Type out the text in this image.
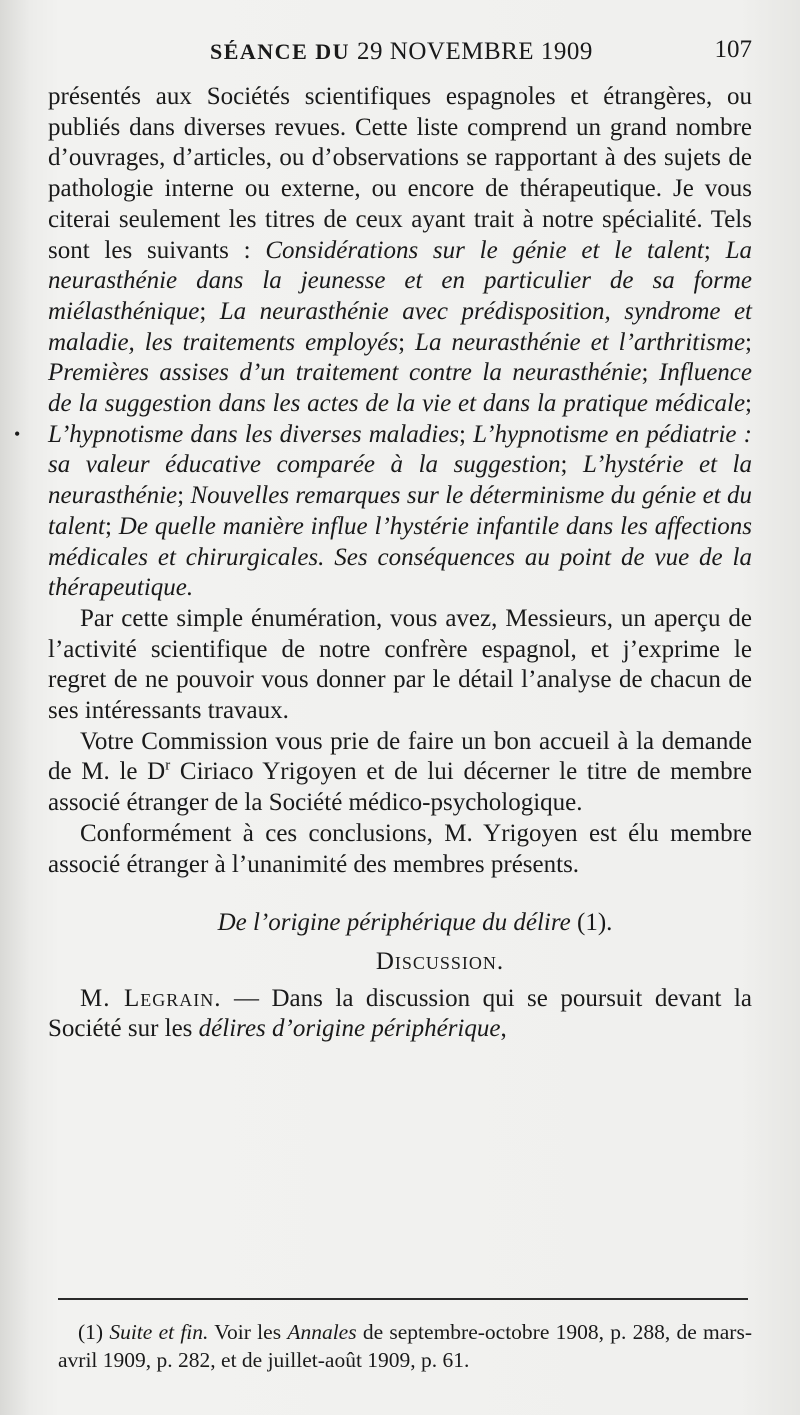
SÉANCE DU 29 NOVEMBRE 1909	107
•

présentés aux Sociétés scientifiques espagnoles et étrangères, ou publiés dans diverses revues. Cette liste comprend un grand nombre d’ouvrages, d’articles, ou d’observations se rapportant à des sujets de pathologie interne ou externe, ou encore de thérapeutique. Je vous citerai seulement les titres de ceux ayant trait à notre spécialité. Tels sont les suivants : Considérations sur le génie et le talent; La neurasthénie dans la jeunesse et en particulier de sa forme miélasthénique; La neurasthénie avec prédisposition, syndrome et maladie, les traitements employés; La neurasthénie et l’arthritisme; Premières assises d’un traitement contre la neurasthénie; Influence de la suggestion dans les actes de la vie et dans la pratique médicale; L’hypnotisme dans les diverses maladies; L’hypnotisme en pédiatrie : sa valeur éducative comparée à la suggestion; L’hystérie et la neurasthénie; Nouvelles remarques sur le déterminisme du génie et du talent; De quelle manière influe l’hystérie infantile dans les affections médicales et chirurgicales. Ses conséquences au point de vue de la thérapeutique.

Par cette simple énumération, vous avez, Messieurs, un aperçu de l’activité scientifique de notre confrère espagnol, et j’exprime le regret de ne pouvoir vous donner par le détail l’analyse de chacun de ses intéressants travaux.

Votre Commission vous prie de faire un bon accueil à la demande de M. le $D^r$ Ciriaco Yrigoyen et de lui décerner le titre de membre associé étranger de la Société médico-psychologique.

Conformément à ces conclusions, M. Yrigoyen est élu membre associé étranger à l’unanimité des membres présents.

De l’origine périphérique du délire (1).

Discussion.

M. Legrain. — Dans la discussion qui se poursuit devant la Société sur les délires d’origine périphérique,

(1) Suite et fin. Voir les Annales de septembre-octobre 1908, p. 288, de mars-avril 1909, p. 282, et de juillet-août 1909, p. 61.
